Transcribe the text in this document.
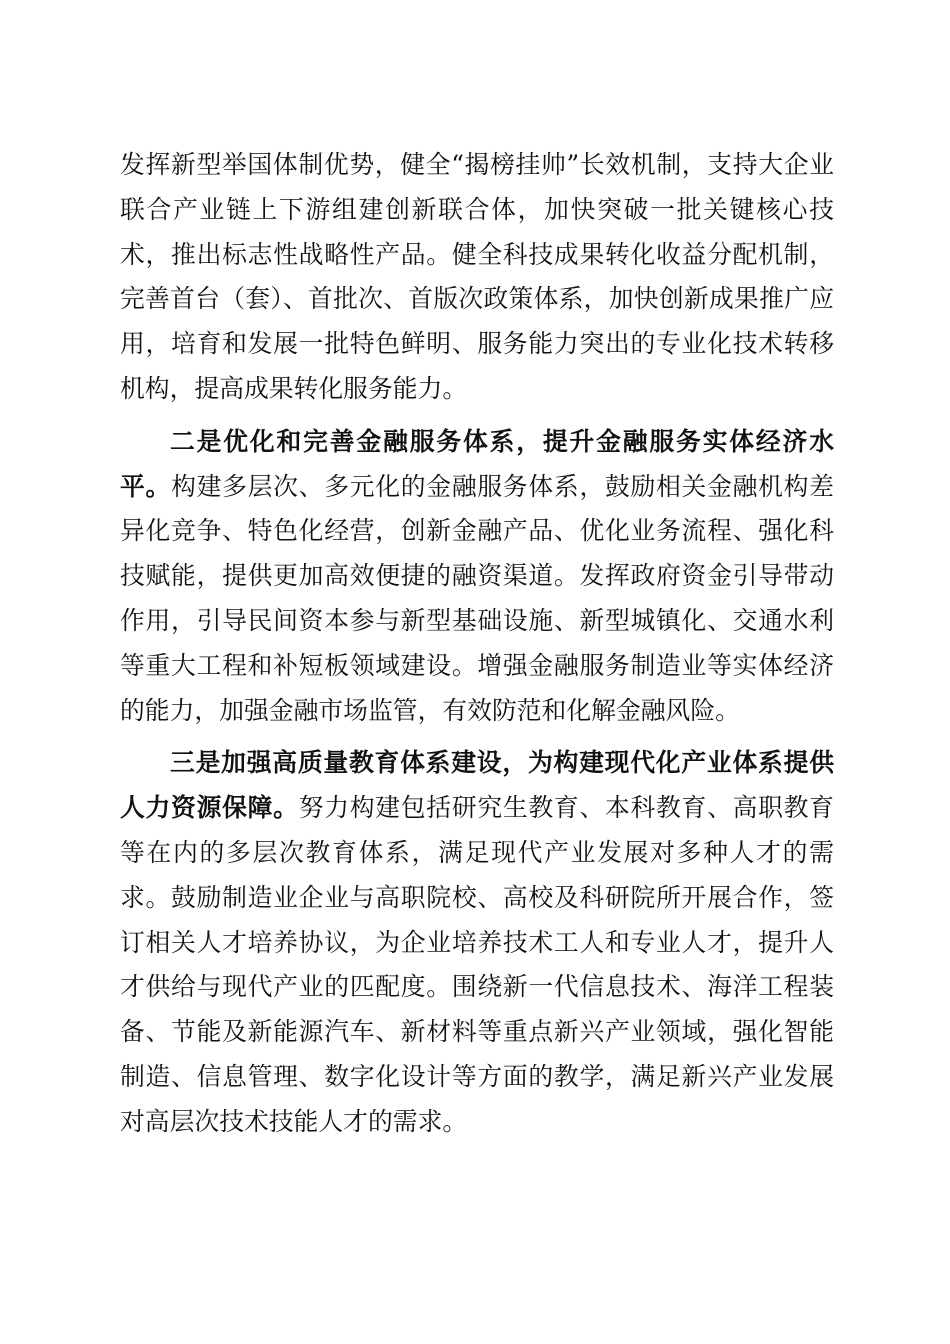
发挥新型举国体制优势，健全“揭榜挂帅”长效机制，支持大企业联合产业链上下游组建创新联合体，加快突破一批关键核心技术，推出标志性战略性产品。健全科技成果转化收益分配机制，完善首台（套）、首批次、首版次政策体系，加快创新成果推广应用，培育和发展一批特色鲜明、服务能力突出的专业化技术转移机构，提高成果转化服务能力。

二是优化和完善金融服务体系，提升金融服务实体经济水平。构建多层次、多元化的金融服务体系，鼓励相关金融机构差异化竞争、特色化经营，创新金融产品、优化业务流程、强化科技赋能，提供更加高效便捷的融资渠道。发挥政府资金引导带动作用，引导民间资本参与新型基础设施、新型城镇化、交通水利等重大工程和补短板领域建设。增强金融服务制造业等实体经济的能力，加强金融市场监管，有效防范和化解金融风险。

三是加强高质量教育体系建设，为构建现代化产业体系提供人力资源保障。努力构建包括研究生教育、本科教育、高职教育等在内的多层次教育体系，满足现代产业发展对多种人才的需求。鼓励制造业企业与高职院校、高校及科研院所开展合作，签订相关人才培养协议，为企业培养技术工人和专业人才，提升人才供给与现代产业的匹配度。围绕新一代信息技术、海洋工程装备、节能及新能源汽车、新材料等重点新兴产业领域，强化智能制造、信息管理、数字化设计等方面的教学，满足新兴产业发展对高层次技术技能人才的需求。
